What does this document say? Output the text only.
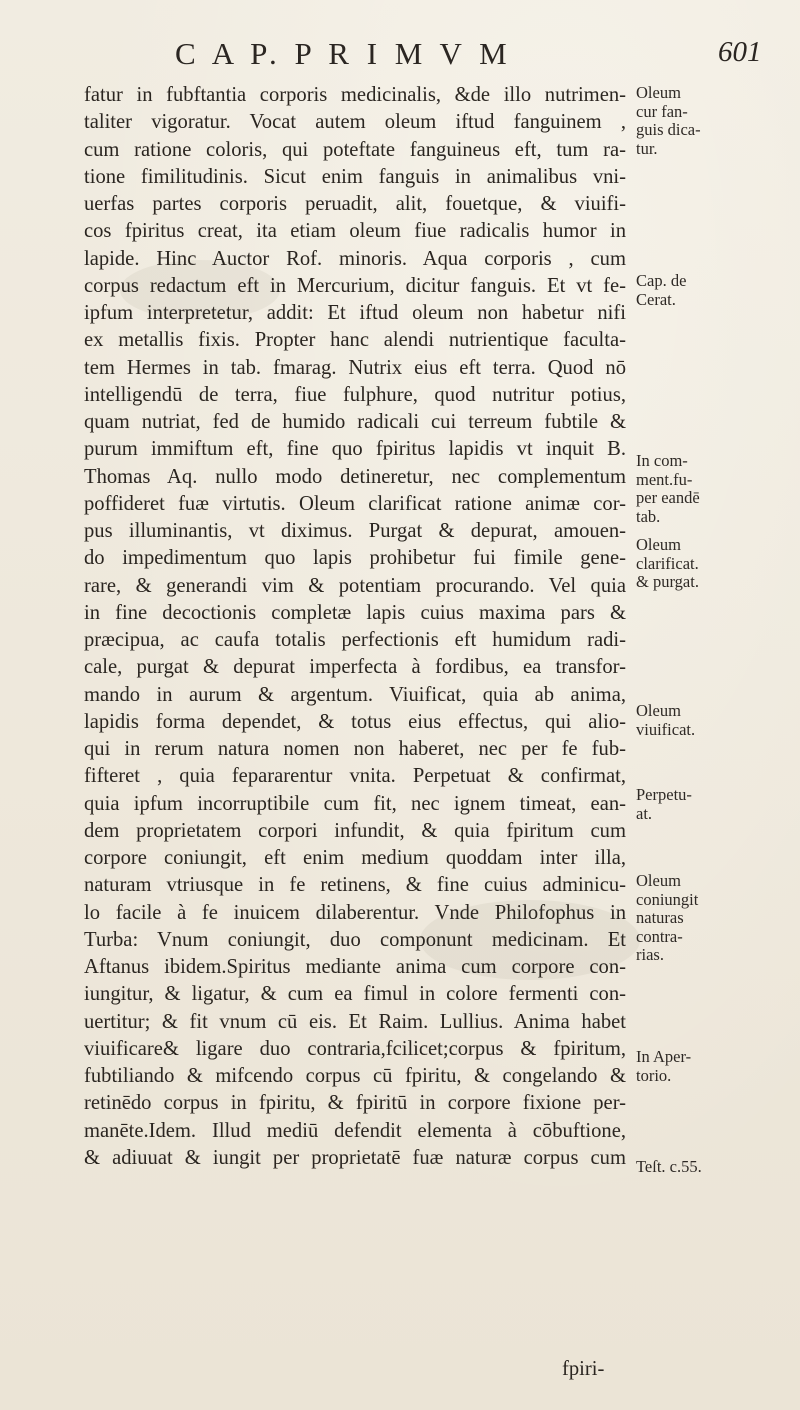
C A P. P R I M V M	601
fatur in fubftantia corporis medicinalis, &de illo nutrimen-
taliter vigoratur. Vocat autem oleum iftud fanguinem ,
cum ratione coloris, qui poteftate fanguineus eft, tum ra-
tione fimilitudinis. Sicut enim fanguis in animalibus vni-
uerfas partes corporis peruadit, alit, fouetque, & viuifi-
cos fpiritus creat, ita etiam oleum fiue radicalis humor in
lapide. Hinc Auctor Rof. minoris. Aqua corporis , cum
corpus redactum eft in Mercurium, dicitur fanguis. Et vt fe-
ipfum interpretetur, addit: Et iftud oleum non habetur nifi
ex metallis fixis. Propter hanc alendi nutrientique faculta-
tem Hermes in tab. fmarag. Nutrix eius eft terra. Quod nō
intelligendū de terra, fiue fulphure, quod nutritur potius,
quam nutriat, fed de humido radicali cui terreum fubtile &
purum immiftum eft, fine quo fpiritus lapidis vt inquit B.
Thomas Aq. nullo modo detineretur, nec complementum
poffideret fuæ virtutis. Oleum clarificat ratione animæ cor-
pus illuminantis, vt diximus. Purgat & depurat, amouen-
do impedimentum quo lapis prohibetur fui fimile gene-
rare, & generandi vim & potentiam procurando. Vel quia
in fine decoctionis completæ lapis cuius maxima pars &
præcipua, ac caufa totalis perfectionis eft humidum radi-
cale, purgat & depurat imperfecta à fordibus, ea transfor-
mando in aurum & argentum. Viuificat, quia ab anima,
lapidis forma dependet, & totus eius effectus, qui alio-
qui in rerum natura nomen non haberet, nec per fe fub-
fifteret , quia fepararentur vnita. Perpetuat & confirmat,
quia ipfum incorruptibile cum fit, nec ignem timeat, ean-
dem proprietatem corpori infundit, & quia fpiritum cum
corpore coniungit, eft enim medium quoddam inter illa,
naturam vtriusque in fe retinens, & fine cuius adminicu-
lo facile à fe inuicem dilaberentur. Vnde Philofophus in
Turba: Vnum coniungit, duo componunt medicinam. Et
Aftanus ibidem.Spiritus mediante anima cum corpore con-
iungitur, & ligatur, & cum ea fimul in colore fermenti con-
uertitur; & fit vnum cū eis. Et Raim. Lullius. Anima habet
viuificare& ligare duo contraria,fcilicet;corpus & fpiritum,
fubtiliando & mifcendo corpus cū fpiritu, & congelando &
retinēdo corpus in fpiritu, & fpiritū in corpore fixione per-
manēte.Idem. Illud mediū defendit elementa à cōbuftione,
& adiuuat & iungit per proprietatē fuæ naturæ corpus cum
Oleum
cur fan-
guis dica-
tur.
Cap. de
Cerat.
In com-
ment.fu-
per eandē
tab.
Oleum
clarificat.
& purgat.
Oleum
viuificat.
Perpetu-
at.
Oleum
coniungit
naturas
contra-
rias.
In Aper-
torio.
Teſt. c.55.
fpiri-
